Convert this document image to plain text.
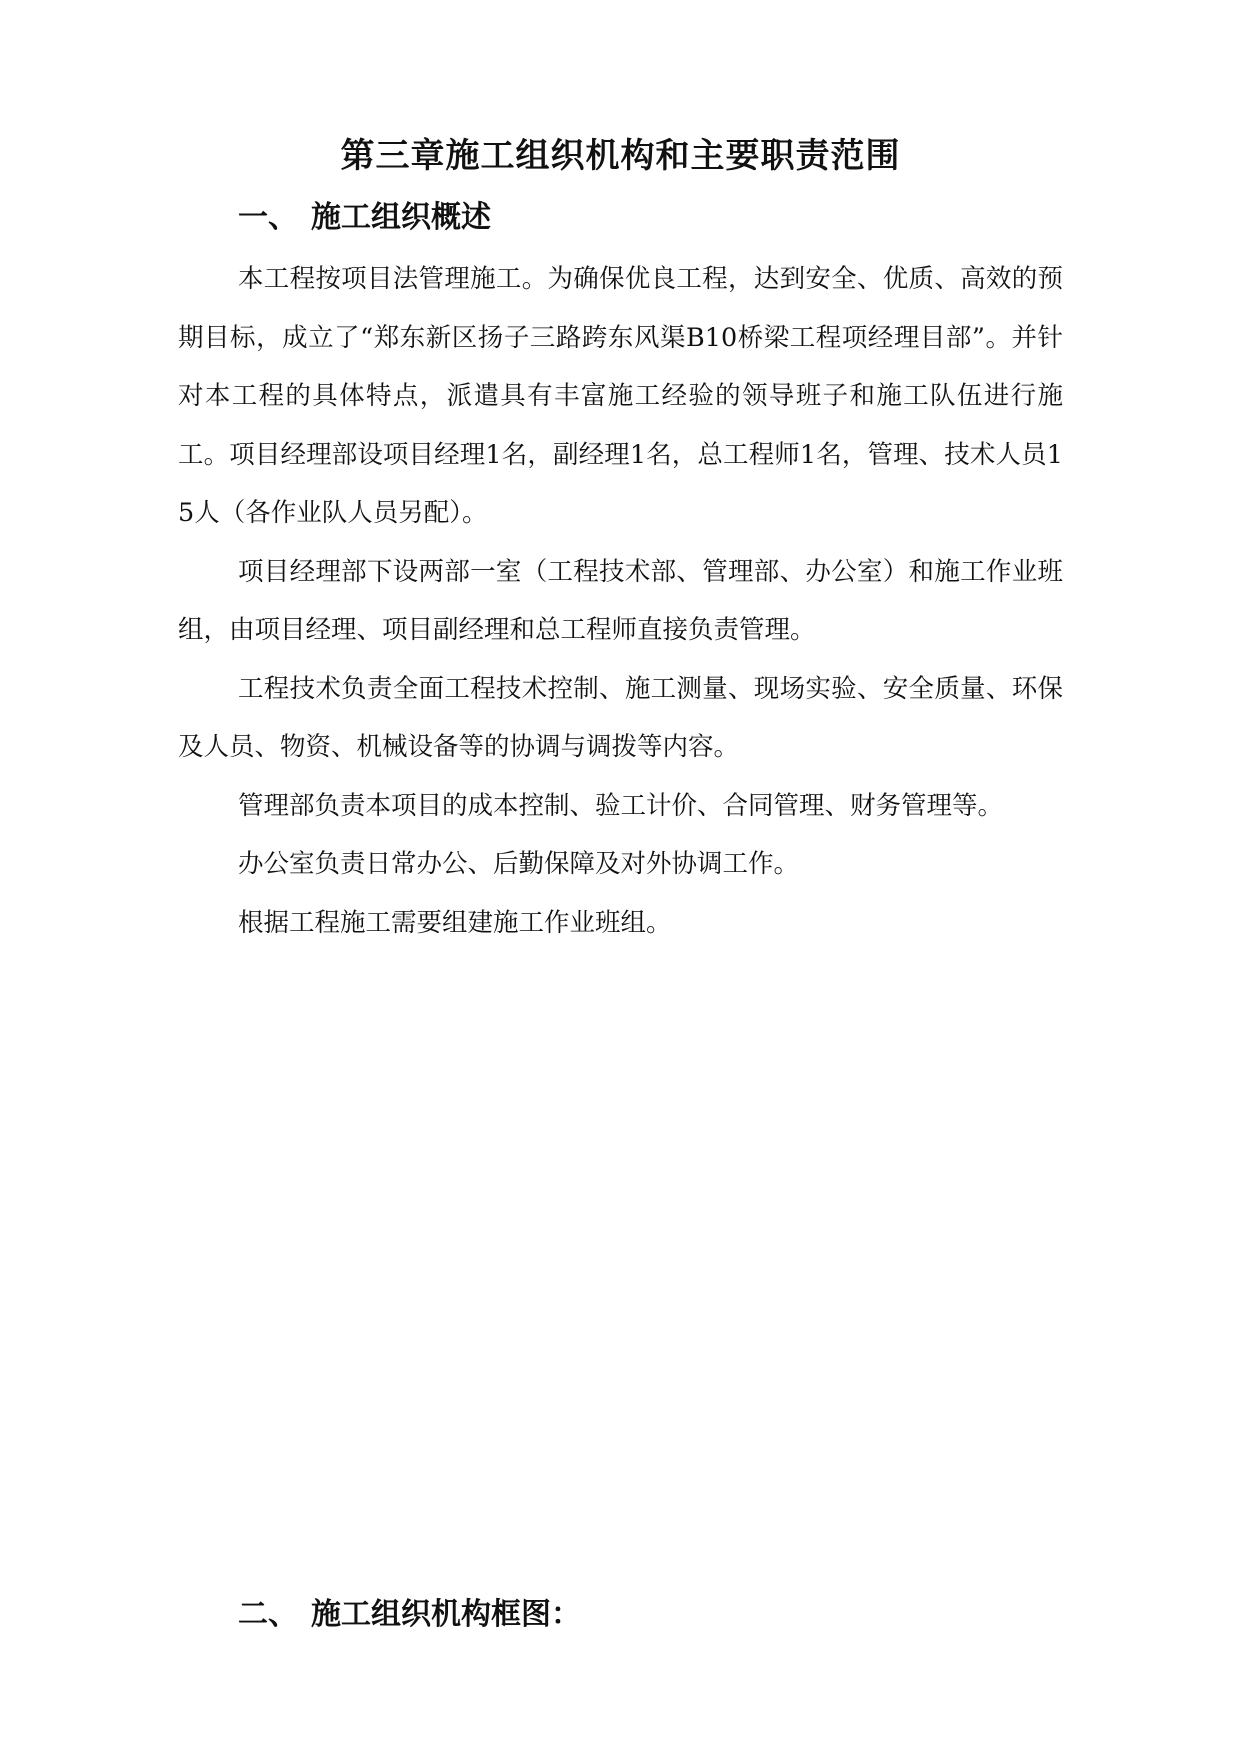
第三章施工组织机构和主要职责范围
一、 施工组织概述

本工程按项目法管理施工。为确保优良工程，达到安全、优质、高效的预期目标，成立了“郑东新区扬子三路跨东风渠B10桥梁工程项经理目部”。并针对本工程的具体特点，派遣具有丰富施工经验的领导班子和施工队伍进行施工。项目经理部设项目经理1名，副经理1名，总工程师1名，管理、技术人员15人（各作业队人员另配）。

项目经理部下设两部一室（工程技术部、管理部、办公室）和施工作业班组，由项目经理、项目副经理和总工程师直接负责管理。

工程技术负责全面工程技术控制、施工测量、现场实验、安全质量、环保及人员、物资、机械设备等的协调与调拨等内容。

管理部负责本项目的成本控制、验工计价、合同管理、财务管理等。

办公室负责日常办公、后勤保障及对外协调工作。

根据工程施工需要组建施工作业班组。

二、 施工组织机构框图：
